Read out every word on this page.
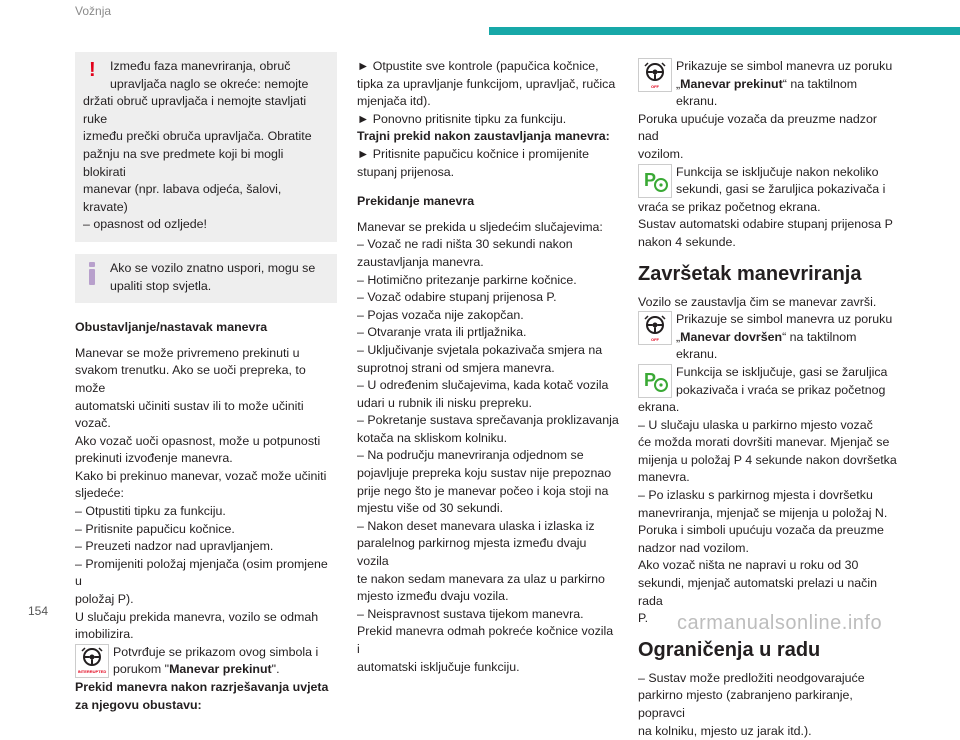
Vožnja
!	Između faza manevriranja, obruč

upravljača naglo se okreće: nemojte
držati obruč upravljača i nemojte stavljati ruke
između prečki obruča upravljača. Obratite
pažnju na sve predmete koji bi mogli blokirati
manevar (npr. labava odjeća, šalovi, kravate)
– opasnost od ozljede!

Ako se vozilo znatno uspori, mogu se

upaliti stop svjetla.

Obustavljanje/nastavak manevra
Manevar se može privremeno prekinuti u
svakom trenutku. Ako se uoči prepreka, to može
automatski učiniti sustav ili to može učiniti vozač.
Ako vozač uoči opasnost, može u potpunosti
prekinuti izvođenje manevra.
Kako bi prekinuo manevar, vozač može učiniti
sljedeće:
– Otpustiti tipku za funkciju.
– Pritisnite papučicu kočnice.
– Preuzeti nadzor nad upravljanjem.
– Promijeniti položaj mjenjača (osim promjene u
položaj P).
U slučaju prekida manevra, vozilo se odmah
imobilizira.
INTERRUPTED
Potvrđuje se prikazom ovog simbola i
porukom "Manevar prekinut".
Prekid manevra nakon razrješavanja uvjeta
za njegovu obustavu:
► Otpustite sve kontrole (papučica kočnice,
tipka za upravljanje funkcijom, upravljač, ručica
mjenjača itd).
► Ponovno pritisnite tipku za funkciju.
Trajni prekid nakon zaustavljanja manevra:
► Pritisnite papučicu kočnice i promijenite
stupanj prijenosa.
Prekidanje manevra
Manevar se prekida u sljedećim slučajevima:
– Vozač ne radi ništa 30 sekundi nakon
zaustavljanja manevra.
– Hotimično pritezanje parkirne kočnice.
– Vozač odabire stupanj prijenosa P.
– Pojas vozača nije zakopčan.
– Otvaranje vrata ili prtljažnika.
– Uključivanje svjetala pokazivača smjera na
suprotnoj strani od smjera manevra.
– U određenim slučajevima, kada kotač vozila
udari u rubnik ili nisku prepreku.
– Pokretanje sustava sprečavanja proklizavanja
kotača na skliskom kolniku.
– Na području manevriranja odjednom se
pojavljuje prepreka koju sustav nije prepoznao
prije nego što je manevar počeo i koja stoji na
mjestu više od 30 sekundi.
– Nakon deset manevara ulaska i izlaska iz
paralelnog parkirnog mjesta između dvaju vozila
te nakon sedam manevara za ulaz u parkirno
mjesto između dvaju vozila.
– Neispravnost sustava tijekom manevra.
Prekid manevra odmah pokreće kočnice vozila i
automatski isključuje funkciju.
OFF
Prikazuje se simbol manevra uz poruku
„Manevar prekinut“ na taktilnom ekranu.
Poruka upućuje vozača da preuzme nadzor nad
vozilom.
P Funkcija se isključuje nakon nekoliko
sekundi, gasi se žaruljica pokazivača i
vraća se prikaz početnog ekrana.
Sustav automatski odabire stupanj prijenosa P
nakon 4 sekunde.
Završetak manevriranja
Vozilo se zaustavlja čim se manevar završi.
OFF
Prikazuje se simbol manevra uz poruku
„Manevar dovršen“ na taktilnom ekranu.
P Funkcija se isključuje, gasi se žaruljica
pokazivača i vraća se prikaz početnog
ekrana.
– U slučaju ulaska u parkirno mjesto vozač
će možda morati dovršiti manevar. Mjenjač se
mijenja u položaj P 4 sekunde nakon dovršetka
manevra.
– Po izlasku s parkirnog mjesta i dovršetku
manevriranja, mjenjač se mijenja u položaj N.
Poruka i simboli upućuju vozača da preuzme
nadzor nad vozilom.
Ako vozač ništa ne napravi u roku od 30
sekundi, mjenjač automatski prelazi u način rada
P.
Ograničenja u radu
– Sustav može predložiti neodgovarajuće
parkirno mjesto (zabranjeno parkiranje, popravci
na kolniku, mjesto uz jarak itd.).
154
carmanualsonline.info
